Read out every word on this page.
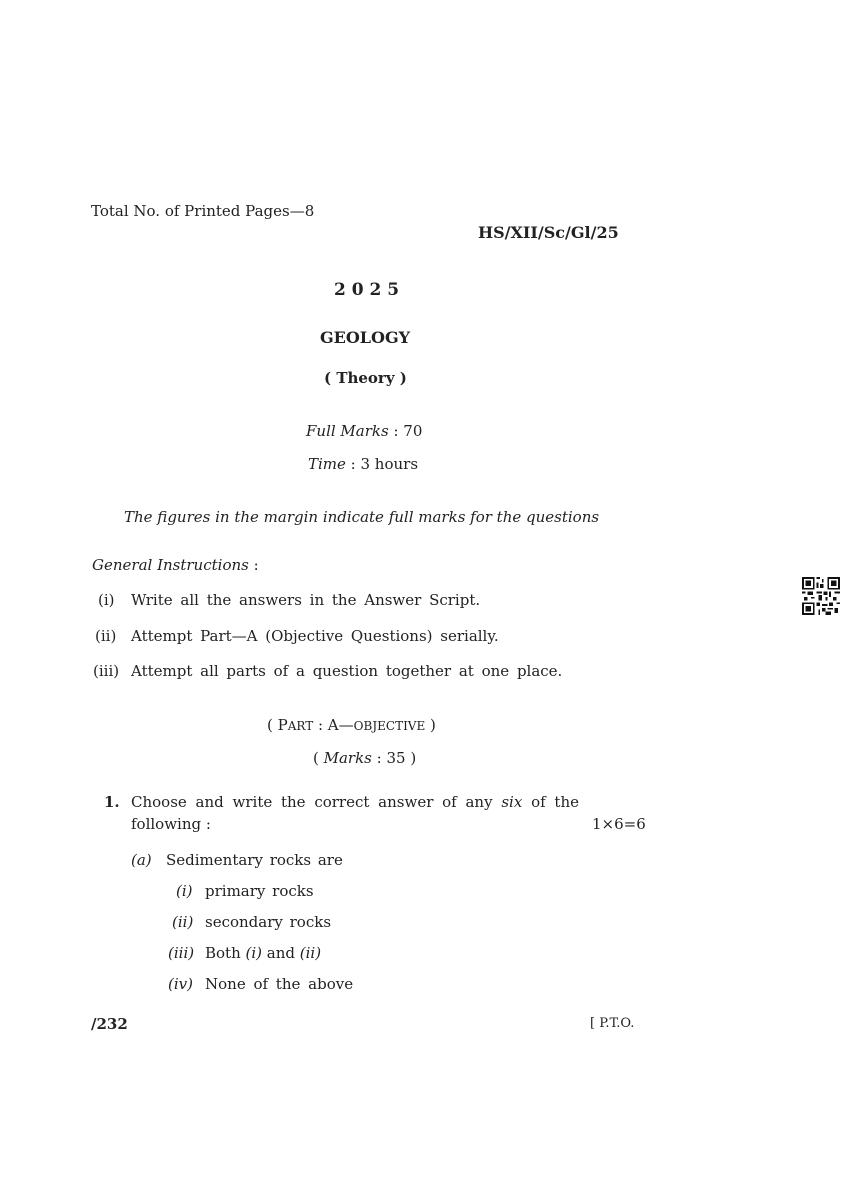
Total No. of Printed Pages—8
HS/XII/Sc/Gl/25
2 0 2 5
GEOLOGY
( Theory )
Full Marks : 70
Time : 3 hours
The figures in the margin indicate full marks for the questions
General Instructions :
(i) Write all the answers in the Answer Script.
(ii) Attempt Part—A (Objective Questions) serially.
(iii) Attempt all parts of a question together at one place.
( PART : A—OBJECTIVE )
( Marks : 35 )
1. Choose and write the correct answer of any six of the
following :	1×6=6
(a) Sedimentary rocks are
(i) primary rocks
(ii) secondary rocks
(iii) Both (i) and (ii)
(iv) None of the above
/232	[ P.T.O.
